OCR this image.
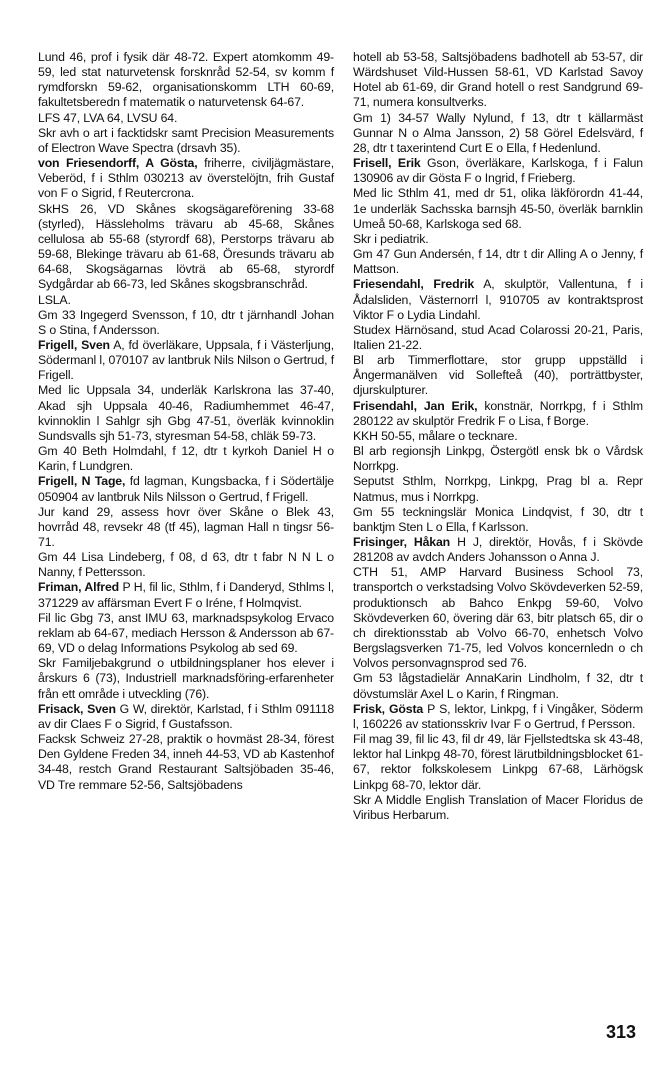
Lund 46, prof i fysik där 48-72. Expert atomkomm 49-59, led stat naturvetensk forsknråd 52-54, sv komm f rymdforskn 59-62, organisationskomm LTH 60-69, fakultetsberedn f matematik o naturvetensk 64-67.
LFS 47, LVA 64, LVSU 64.
Skr avh o art i facktidskr samt Precision Measurements of Electron Wave Spectra (drsavh 35).
von Friesendorff, A Gösta, friherre, civiljägmästare, Veberöd, f i Sthlm 030213 av överstelöjtn, frih Gustaf von F o Sigrid, f Reutercrona.
SkHS 26, VD Skånes skogsägareförening 33-68 (styrled), Hässleholms trävaru ab 45-68, Skånes cellulosa ab 55-68 (styrordf 68), Perstorps trävaru ab 59-68, Blekinge trävaru ab 61-68, Öresunds trävaru ab 64-68, Skogsägarnas lövträ ab 65-68, styrordf Sydgårdar ab 66-73, led Skånes skogsbranschråd.
LSLA.
Gm 33 Ingegerd Svensson, f 10, dtr t järnhandl Johan S o Stina, f Andersson.
Frigell, Sven A, fd överläkare, Uppsala, f i Västerljung, Södermanl l, 070107 av lantbruk Nils Nilson o Gertrud, f Frigell.
Med lic Uppsala 34, underläk Karlskrona las 37-40, Akad sjh Uppsala 40-46, Radiumhemmet 46-47, kvinnoklin l Sahlgr sjh Gbg 47-51, överläk kvinnoklin Sundsvalls sjh 51-73, styresman 54-58, chläk 59-73.
Gm 40 Beth Holmdahl, f 12, dtr t kyrkoh Daniel H o Karin, f Lundgren.
Frigell, N Tage, fd lagman, Kungsbacka, f i Södertälje 050904 av lantbruk Nils Nilsson o Gertrud, f Frigell.
Jur kand 29, assess hovr över Skåne o Blek 43, hovrråd 48, revsekr 48 (tf 45), lagman Hall n tingsr 56-71.
Gm 44 Lisa Lindeberg, f 08, d 63, dtr t fabr N N L o Nanny, f Pettersson.
Friman, Alfred P H, fil lic, Sthlm, f i Danderyd, Sthlms l, 371229 av affärsman Evert F o Iréne, f Holmqvist.
Fil lic Gbg 73, anst IMU 63, marknadspsykolog Ervaco reklam ab 64-67, mediach Hersson & Andersson ab 67-69, VD o delag Informations Psykolog ab sed 69.
Skr Familjebakgrund o utbildningsplaner hos elever i årskurs 6 (73), Industriell marknadsföring-erfarenheter från ett område i utveckling (76).
Frisack, Sven G W, direktör, Karlstad, f i Sthlm 091118 av dir Claes F o Sigrid, f Gustafsson.
Facksk Schweiz 27-28, praktik o hovmäst 28-34, förest Den Gyldene Freden 34, inneh 44-53, VD ab Kastenhof 34-48, restch Grand Restaurant Saltsjöbaden 35-46, VD Tre remmare 52-56, Saltsjöbadens
hotell ab 53-58, Saltsjöbadens badhotell ab 53-57, dir Wärdshuset Vild-Hussen 58-61, VD Karlstad Savoy Hotel ab 61-69, dir Grand hotell o rest Sandgrund 69-71, numera konsultverks.
Gm 1) 34-57 Wally Nylund, f 13, dtr t källarmäst Gunnar N o Alma Jansson, 2) 58 Görel Edelsvärd, f 28, dtr t taxerintend Curt E o Ella, f Hedenlund.
Frisell, Erik Gson, överläkare, Karlskoga, f i Falun 130906 av dir Gösta F o Ingrid, f Frieberg.
Med lic Sthlm 41, med dr 51, olika läkförordn 41-44, 1e underläk Sachsska barnsjh 45-50, överläk barnklin Umeå 50-68, Karlskoga sed 68.
Skr i pediatrik.
Gm 47 Gun Andersén, f 14, dtr t dir Alling A o Jenny, f Mattson.
Friesendahl, Fredrik A, skulptör, Vallentuna, f i Ådalsliden, Västernorrl l, 910705 av kontraktsprost Viktor F o Lydia Lindahl.
Studex Härnösand, stud Acad Colarossi 20-21, Paris, Italien 21-22.
Bl arb Timmerflottare, stor grupp uppställd i Ångermanälven vid Sollefteå (40), porträttbyster, djurskulpturer.
Frisendahl, Jan Erik, konstnär, Norrkpg, f i Sthlm 280122 av skulptör Fredrik F o Lisa, f Borge.
KKH 50-55, målare o tecknare.
Bl arb regionsjh Linkpg, Östergötl ensk bk o Vårdsk Norrkpg.
Seputst Sthlm, Norrkpg, Linkpg, Prag bl a. Repr Natmus, mus i Norrkpg.
Gm 55 teckningslär Monica Lindqvist, f 30, dtr t banktjm Sten L o Ella, f Karlsson.
Frisinger, Håkan H J, direktör, Hovås, f i Skövde 281208 av avdch Anders Johansson o Anna J.
CTH 51, AMP Harvard Business School 73, transportch o verkstadsing Volvo Skövdeverken 52-59, produktionsch ab Bahco Enkpg 59-60, Volvo Skövdeverken 60, övering där 63, bitr platsch 65, dir o ch direktionsstab ab Volvo 66-70, enhetsch Volvo Bergslagsverken 71-75, led Volvos koncernledn o ch Volvos personvagnsprod sed 76.
Gm 53 lågstadielär AnnaKarin Lindholm, f 32, dtr t dövstumslär Axel L o Karin, f Ringman.
Frisk, Gösta P S, lektor, Linkpg, f i Vingåker, Söderm l, 160226 av stationsskriv Ivar F o Gertrud, f Persson.
Fil mag 39, fil lic 43, fil dr 49, lär Fjellstedtska sk 43-48, lektor hal Linkpg 48-70, förest lärutbildningsblocket 61-67, rektor folkskolesem Linkpg 67-68, Lärhögsk Linkpg 68-70, lektor där.
Skr A Middle English Translation of Macer Floridus de Viribus Herbarum.
313
